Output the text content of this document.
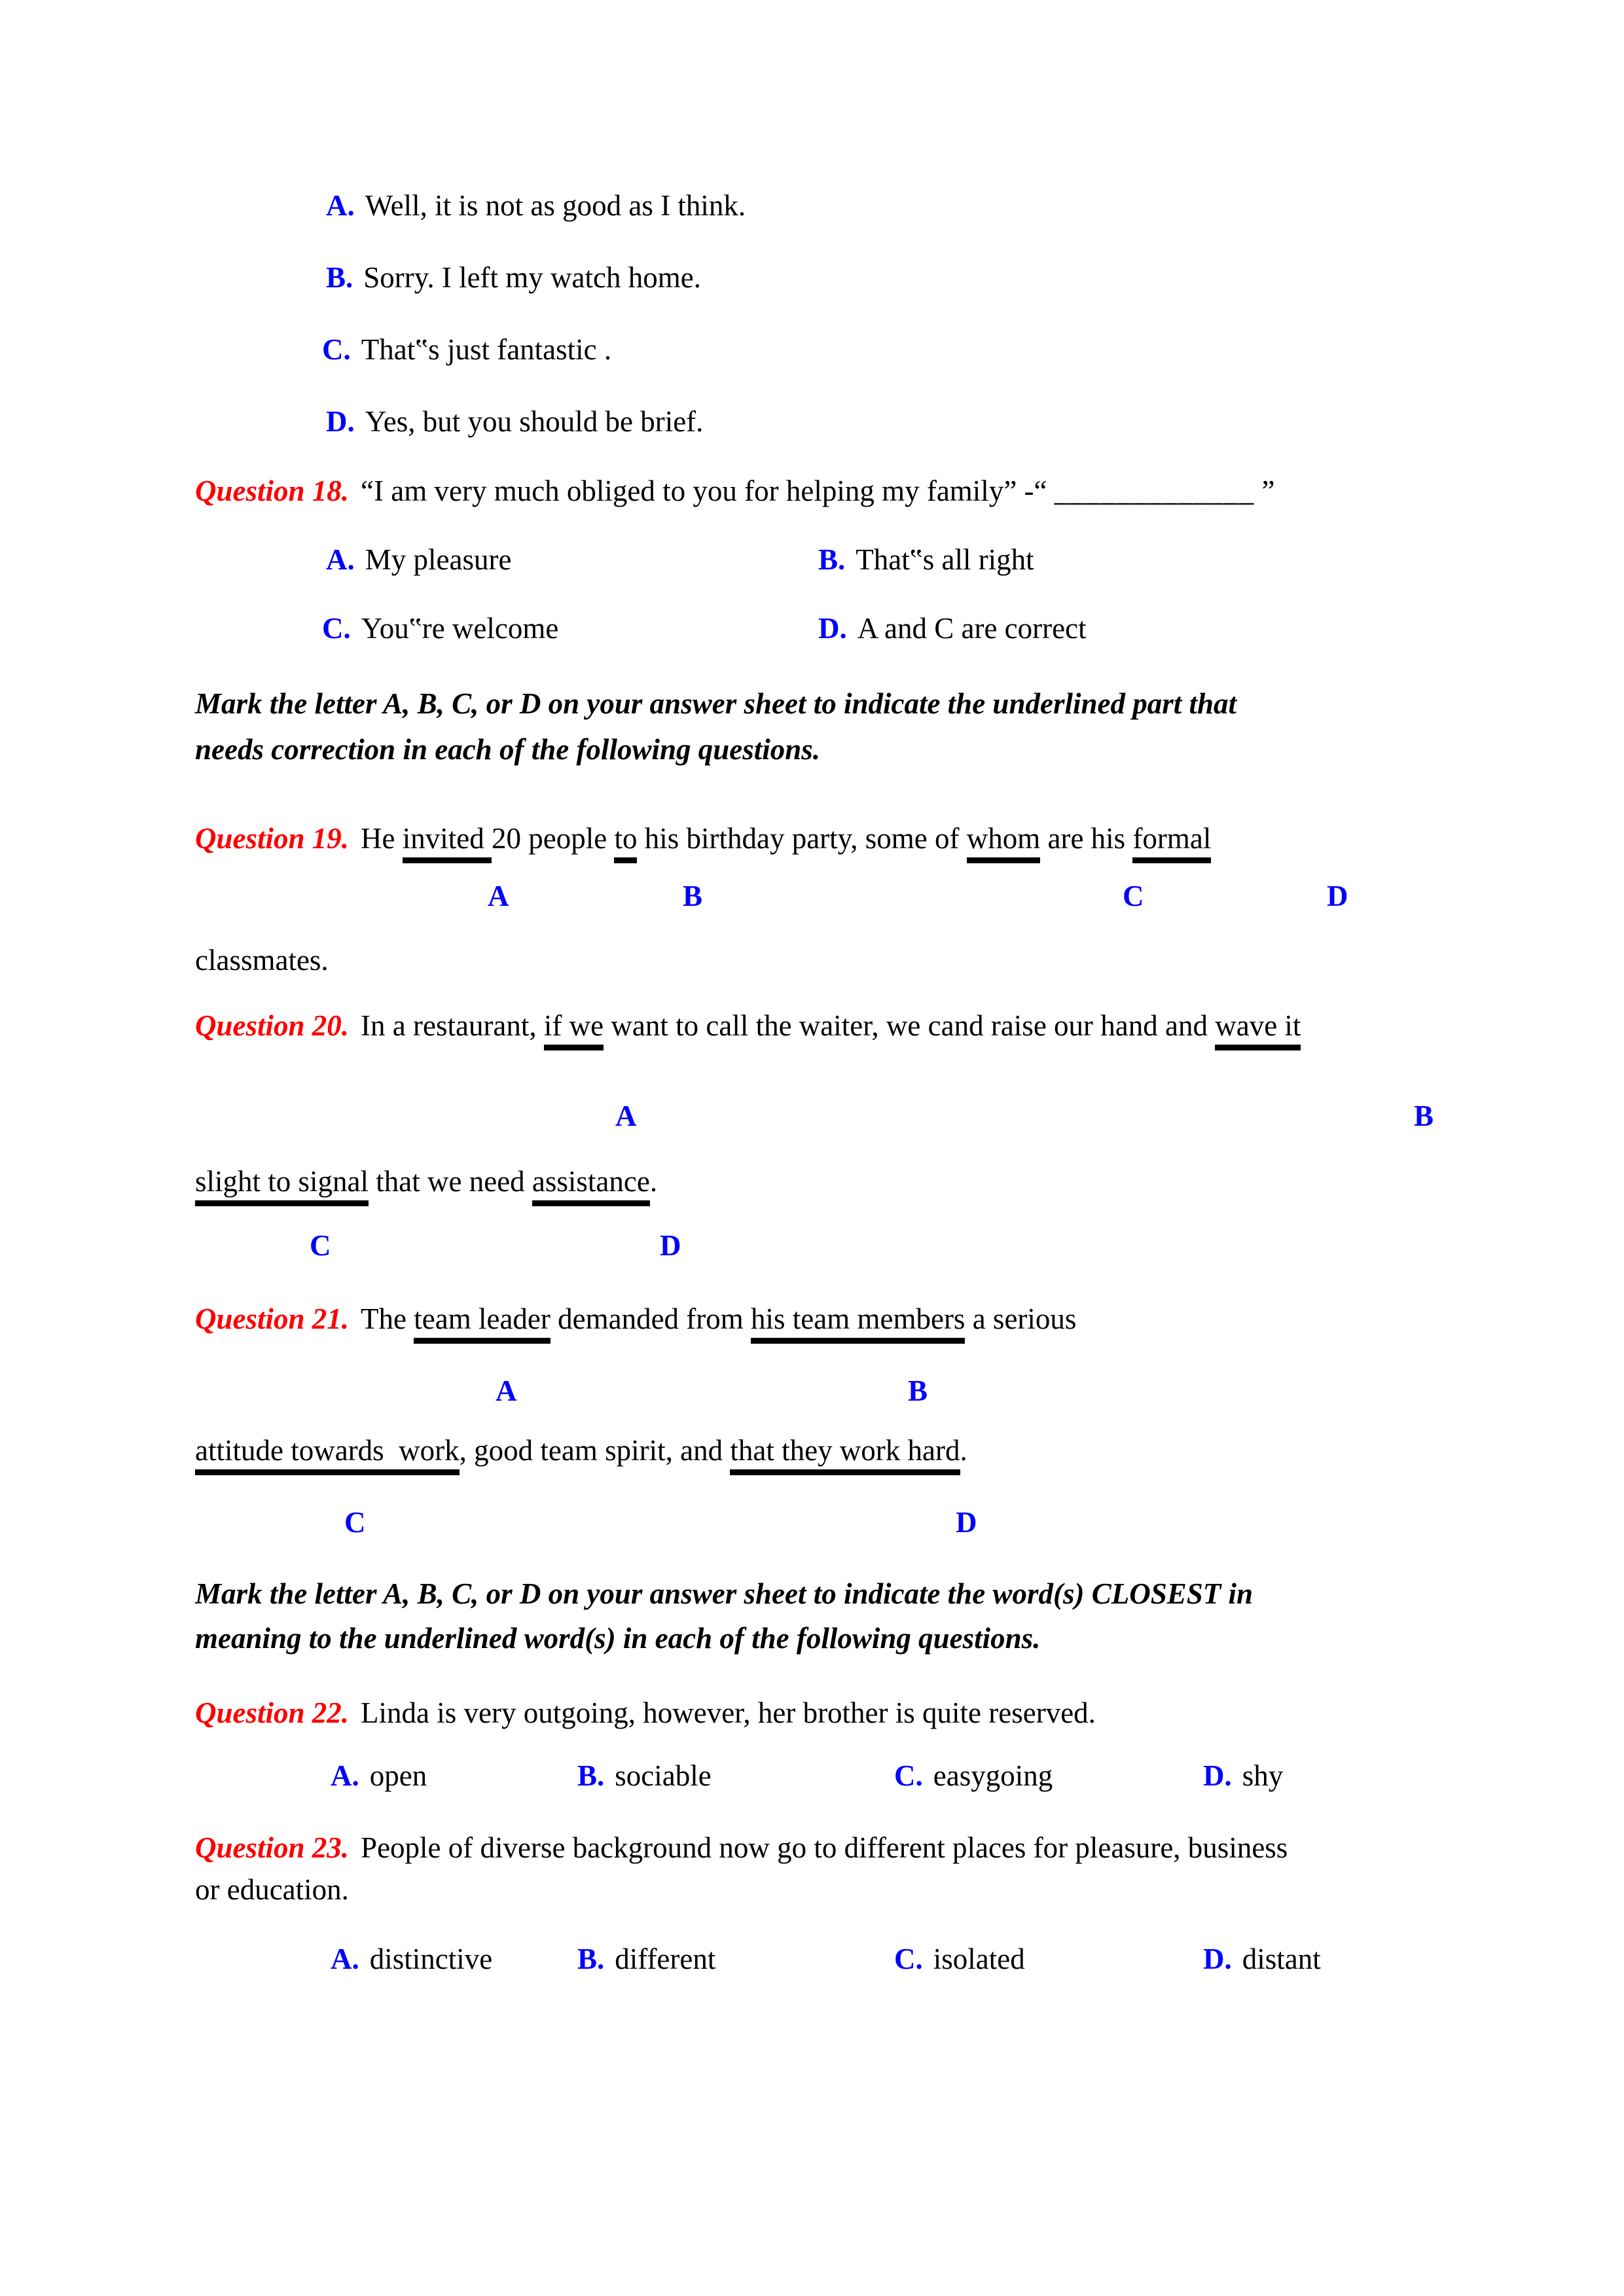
A. Well, it is not as good as I think.
B. Sorry. I left my watch home.
C. That‟s just fantastic .
D. Yes, but you should be brief.
Question 18. “I am very much obliged to you for helping my family” -“ _____________ ”
A. My pleasure	B. That‟s all right
C. You‟re welcome	D. A and C are correct
Mark the letter A, B, C, or D on your answer sheet to indicate the underlined part that
needs correction in each of the following questions.
Question 19. He invited 20 people to his birthday party, some of whom are his formal
A	B	C	D
classmates.
Question 20. In a restaurant, if we want to call the waiter, we cand raise our hand and wave it
A	B
slight to signal that we need assistance.
C	D
Question 21. The team leader demanded from his team members a serious
A	B
attitude towards  work, good team spirit, and that they work hard.
C	D
Mark the letter A, B, C, or D on your answer sheet to indicate the word(s) CLOSEST in
meaning to the underlined word(s) in each of the following questions.
Question 22. Linda is very outgoing, however, her brother is quite reserved.
A. open	B. sociable	C. easygoing	D. shy
Question 23. People of diverse background now go to different places for pleasure, business
or education.
A. distinctive	B. different	C. isolated	D. distant
